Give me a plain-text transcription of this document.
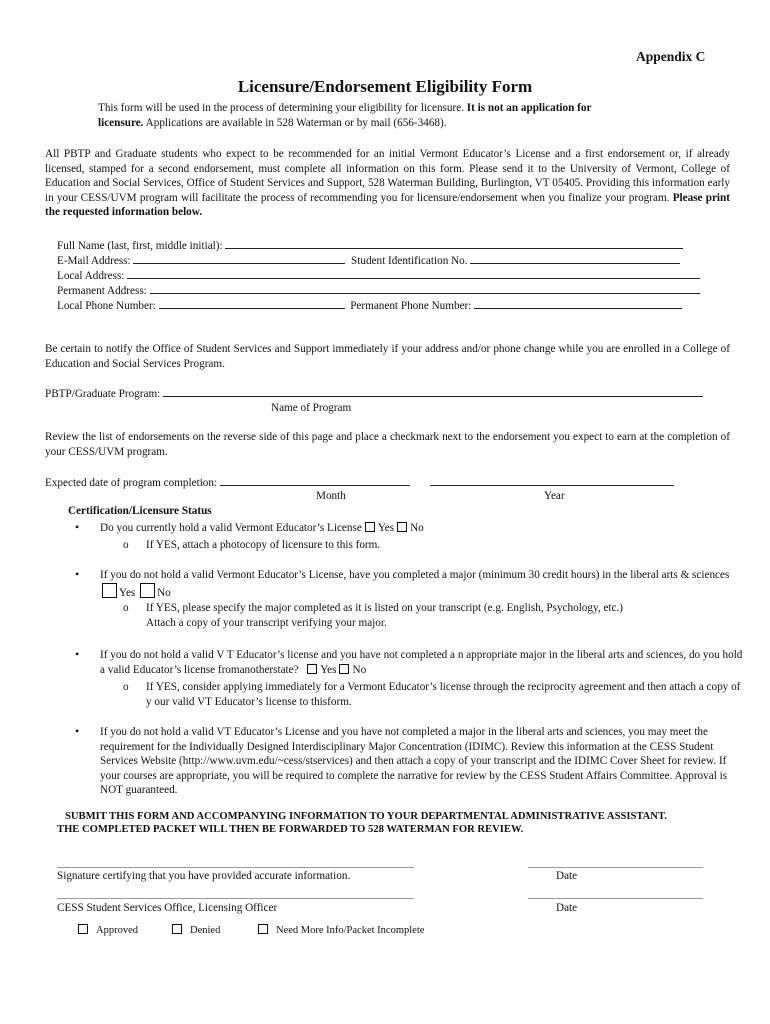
Appendix C
Licensure/Endorsement Eligibility Form
This form will be used in the process of determining your eligibility for licensure. It is not an application for
licensure. Applications are available in 528 Waterman or by mail (656-3468).
All PBTP and Graduate students who expect to be recommended for an initial Vermont Educator’s License and a first endorsement or, if already licensed, stamped for a second endorsement, must complete all information on this form. Please send it to the University of Vermont, College of Education and Social Services, Office of Student Services and Support, 528 Waterman Building, Burlington, VT 05405. Providing this information early in your CESS/UVM program will facilitate the process of recommending you for licensure/endorsement when you finalize your program. Please print the requested information below.
Full Name (last, first, middle initial):
E-Mail Address:	Student Identification No.
Local Address:
Permanent Address:
Local Phone Number:	Permanent Phone Number:
Be certain to notify the Office of Student Services and Support immediately if your address and/or phone change while you are enrolled in a College of Education and Social Services Program.
PBTP/Graduate Program:
Name of Program
Review the list of endorsements on the reverse side of this page and place a checkmark next to the endorsement you expect to earn at the completion of your CESS/UVM program.
Expected date of program completion:
Month	Year
Certification/Licensure Status
• Do you currently hold a valid Vermont Educator’s License Yes No
o If YES, attach a photocopy of licensure to this form.
• If you do not hold a valid Vermont Educator’s License, have you completed a major (minimum 30 credit hours) in the liberal arts & sciencesYes No
o If YES, please specify the major completed as it is listed on your transcript (e.g. English, Psychology, etc.)
Attach a copy of your transcript verifying your major.
• If you do not hold a valid V T Educator’s license and you have not completed a n appropriate major in the liberal arts and sciences, do you hold a valid Educator’s license fromanotherstate? Yes No
o If YES, consider applying immediately for a Vermont Educator’s license through the reciprocity agreement and then attach a copy of y our valid VT Educator’s license to thisform.
• If you do not hold a valid VT Educator’s License and you have not completed a major in the liberal arts and sciences, you may meet the requirement for the Individually Designed Interdisciplinary Major Concentration (IDIMC). Review this information at the CESS Student Services Website (http://www.uvm.edu/~cess/stservices) and then attach a copy of your transcript and the IDIMC Cover Sheet for review. If your courses are appropriate, you will be required to complete the narrative for review by the CESS Student Affairs Committee. Approval is NOT guaranteed.
SUBMIT THIS FORM AND ACCOMPANYING INFORMATION TO YOUR DEPARTMENTAL ADMINISTRATIVE ASSISTANT.
THE COMPLETED PACKET WILL THEN BE FORWARDED TO 528 WATERMAN FOR REVIEW.
Signature certifying that you have provided accurate information.	Date
CESS Student Services Office, Licensing Officer	Date
Approved	Denied	Need More Info/Packet Incomplete
